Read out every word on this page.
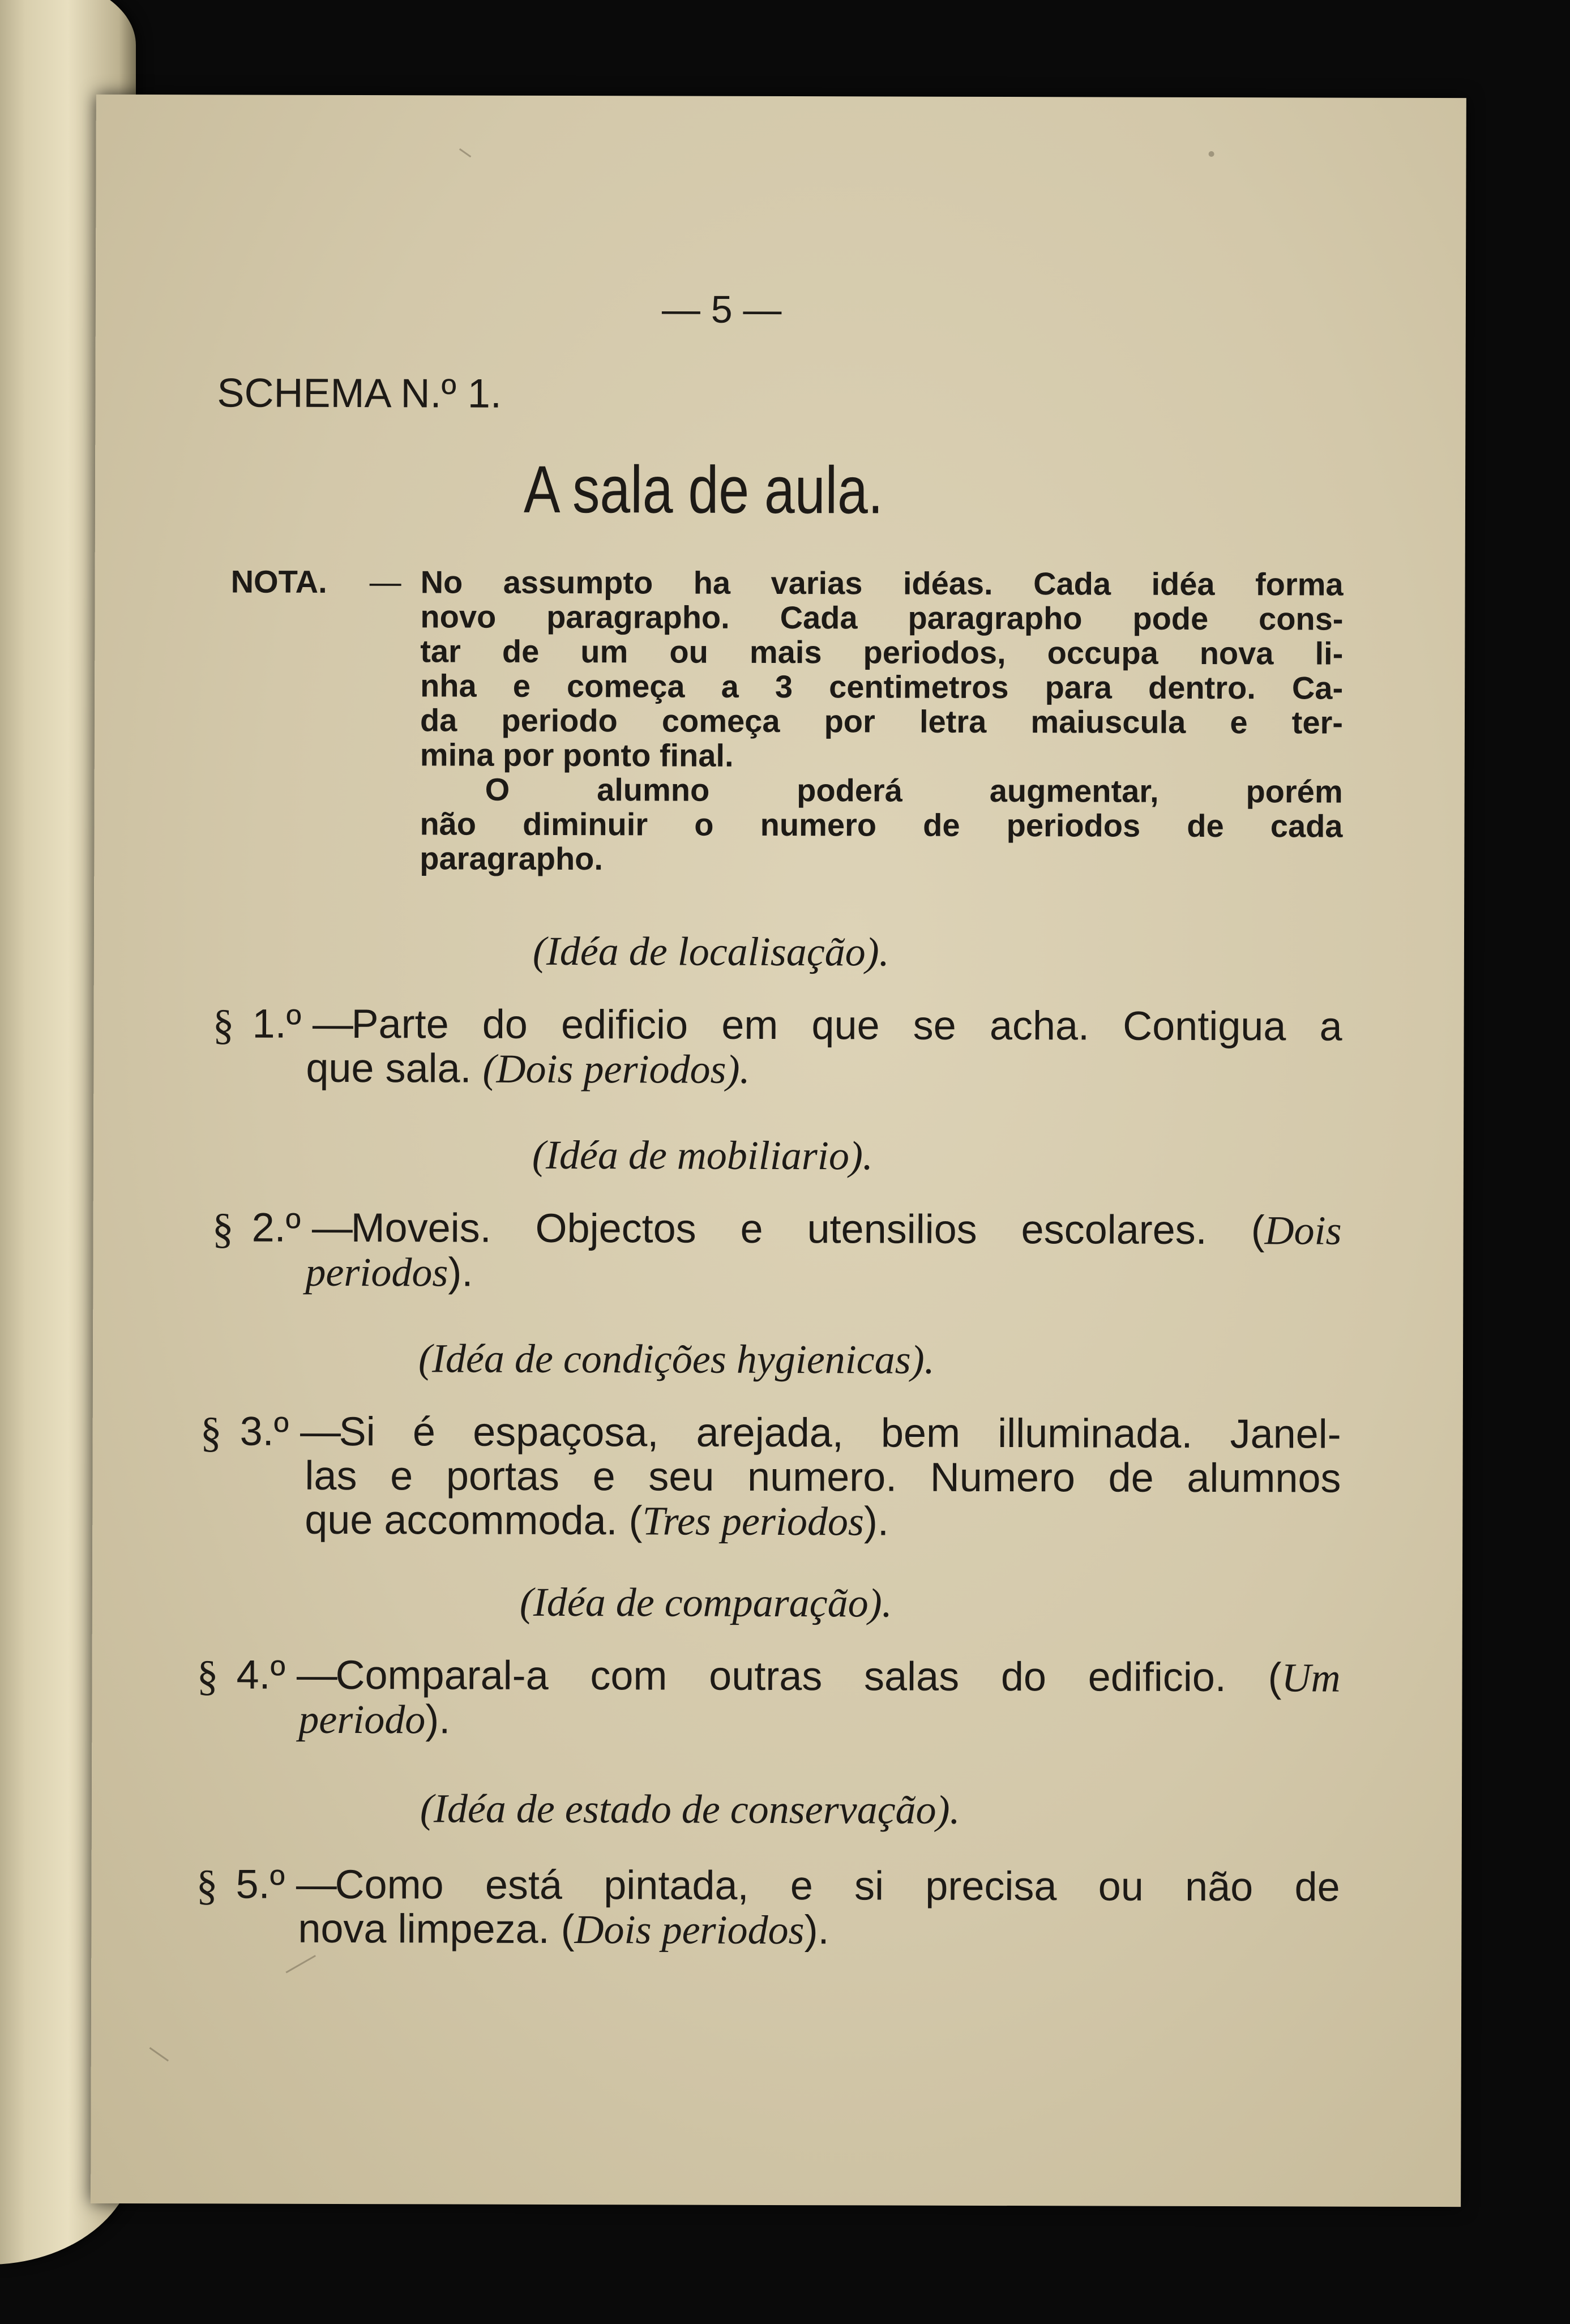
— 5 —
SCHEMA N.º 1.
A sala de aula.
NOTA. — No assumpto ha varias idéas. Cada idéa forma
novo paragrapho. Cada paragrapho pode cons-
tar de um ou mais periodos, occupa nova li-
nha e começa a 3 centimetros para dentro. Ca-
da periodo começa por letra maiuscula e ter-
mina por ponto final.
O alumno poderá augmentar, porém
não diminuir o numero de periodos de cada
paragrapho.
(Idéa de localisação).
§ 1.º —
Parte do edificio em que se acha. Contigua a
que sala. (Dois periodos).
(Idéa de mobiliario).
§ 2.º —
Moveis. Objectos e utensilios escolares. (Dois
periodos).
(Idéa de condições hygienicas).
§ 3.º —
Si é espaçosa, arejada, bem illuminada. Janel-
las e portas e seu numero. Numero de alumnos
que accommoda. (Tres periodos).
(Idéa de comparação).
§ 4.º —
Comparal-a com outras salas do edificio. (Um
periodo).
(Idéa de estado de conservação).
§ 5.º —
Como está pintada, e si precisa ou não de
nova limpeza. (Dois periodos).
